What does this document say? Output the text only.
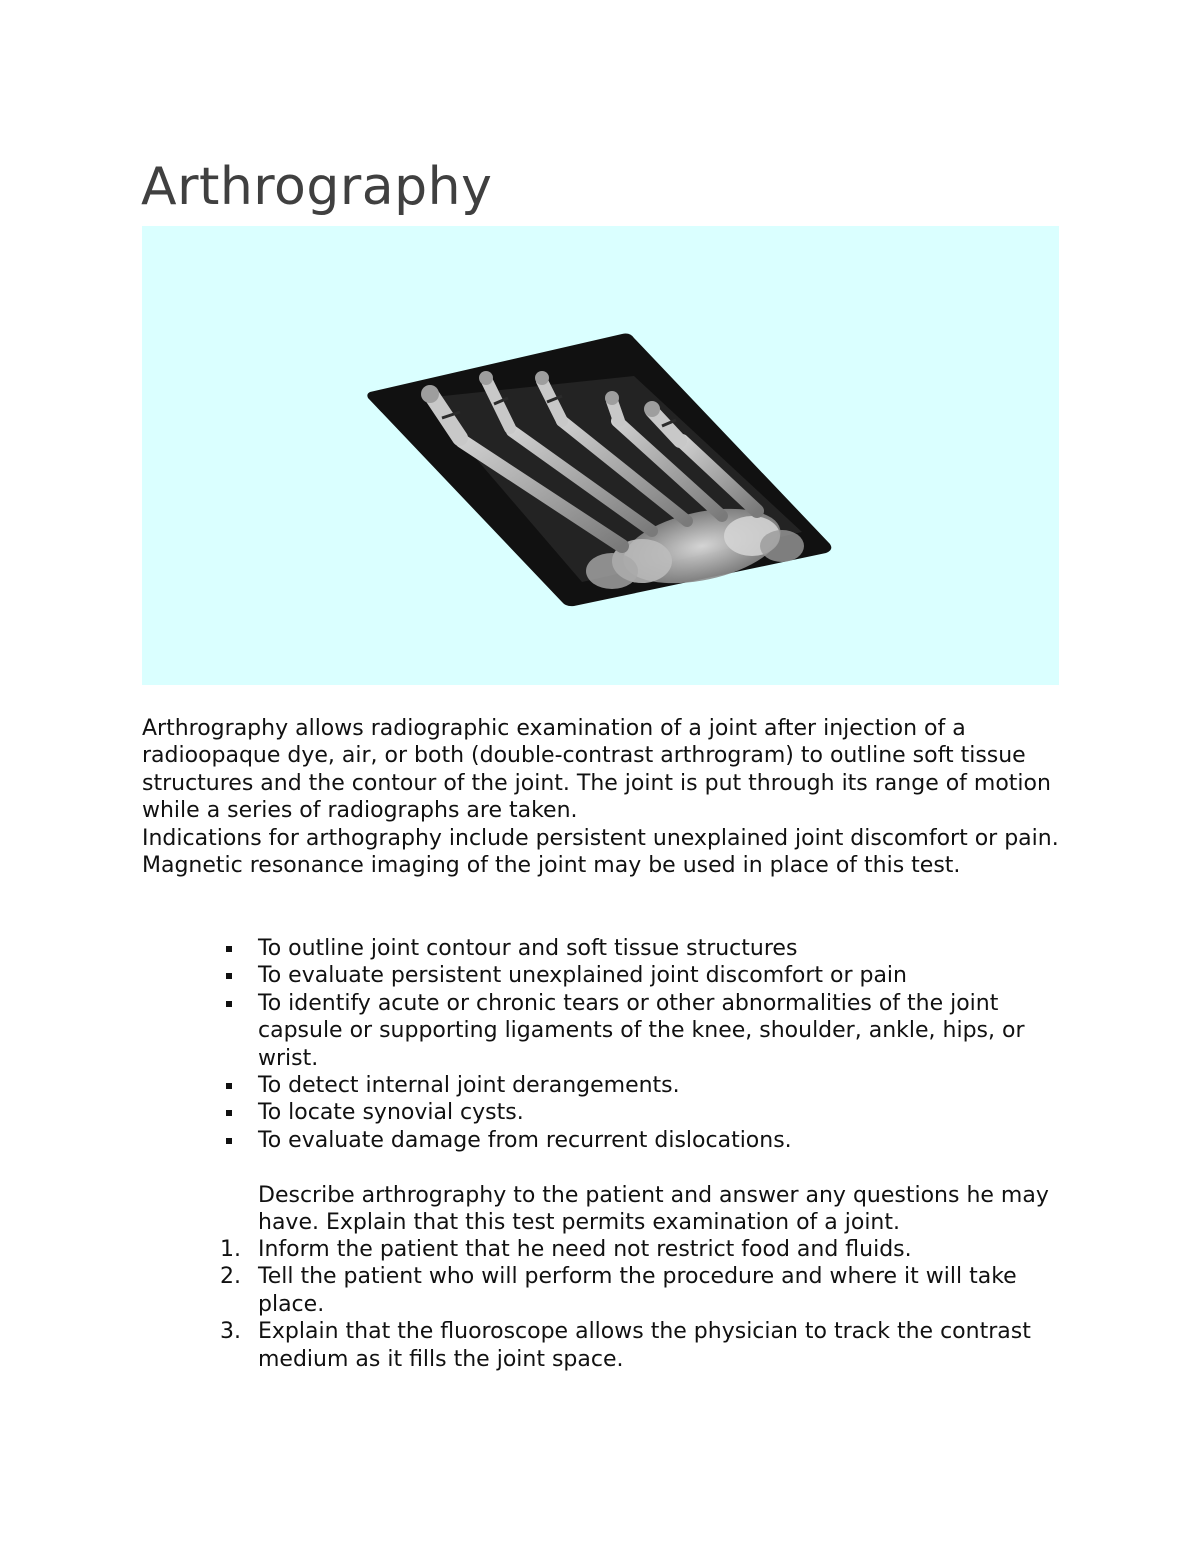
Arthrography

Arthrography allows radiographic examination of a joint after injection of a radioopaque dye, air, or both (double-contrast arthrogram) to outline soft tissue structures and the contour of the joint. The joint is put through its range of motion while a series of radiographs are taken.

Indications for arthography include persistent unexplained joint discomfort or pain. Magnetic resonance imaging of the joint may be used in place of this test.

To outline joint contour and soft tissue structures
To evaluate persistent unexplained joint discomfort or pain
To identify acute or chronic tears or other abnormalities of the joint capsule or supporting ligaments of the knee, shoulder, ankle, hips, or wrist.
To detect internal joint derangements.
To locate synovial cysts.
To evaluate damage from recurrent dislocations.

Describe arthrography to the patient and answer any questions he may have. Explain that this test permits examination of a joint.

1. Inform the patient that he need not restrict food and fluids.
2. Tell the patient who will perform the procedure and where it will take place.
3. Explain that the fluoroscope allows the physician to track the contrast medium as it fills the joint space.
